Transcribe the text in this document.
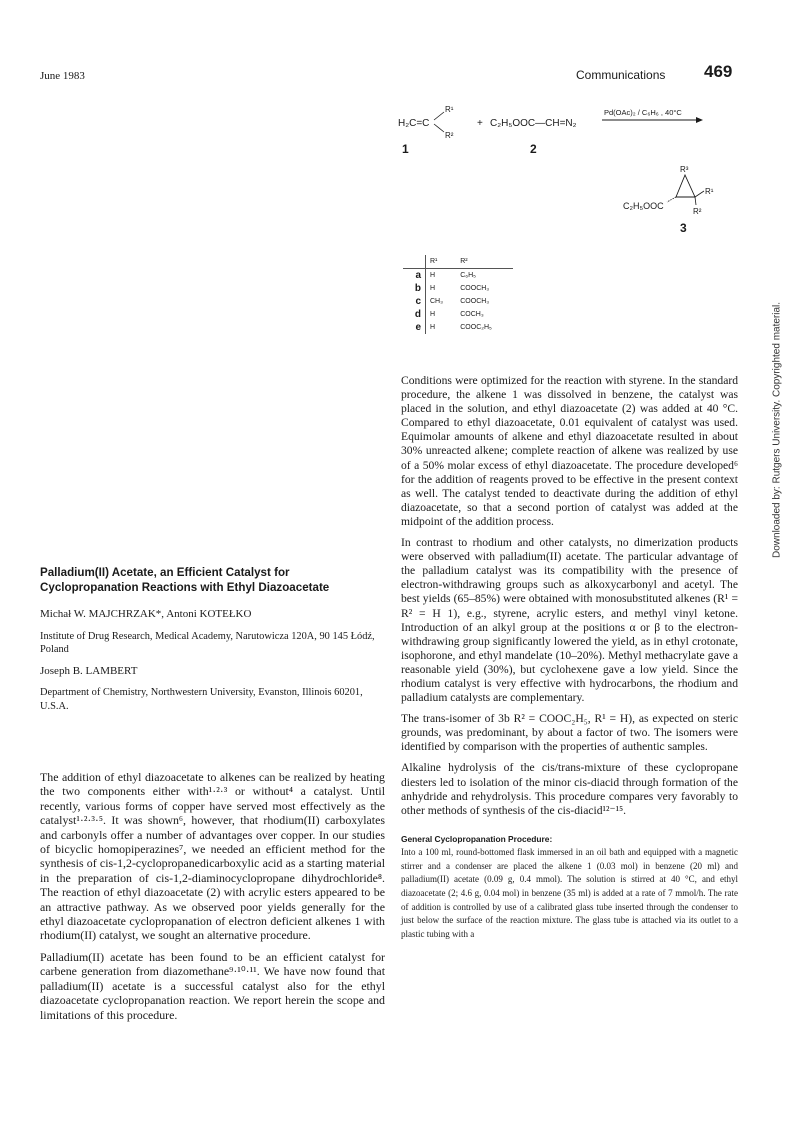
June 1983	Communications 469
Downloaded by: Rutgers University. Copyrighted material.
H₂C=C
R¹
R²
+ C₂H₅OOC—CH=N₂
Pd(OAc)₂ / C₆H₆ , 40°C
1	2
R³
R¹
R²
C₂H₅OOC
3
	R¹	R²
a	H	C₆H₅
b	H	COOCH₃
c	CH₃	COOCH₃
d	H	COCH₃
e	H	COOC₂H₅

Conditions were optimized for the reaction with styrene. In the standard procedure, the alkene 1 was dissolved in benzene, the catalyst was placed in the solution, and ethyl diazoacetate (2) was added at 40 °C. Compared to ethyl diazoacetate, 0.01 equivalent of catalyst was used. Equimolar amounts of alkene and ethyl diazoacetate resulted in about 30% unreacted alkene; complete reaction of alkene was realized by use of a 50% molar excess of ethyl diazoacetate. The procedure developed⁶ for the addition of reagents proved to be effective in the present context as well. The catalyst tended to deactivate during the addition of ethyl diazoacetate, so that a second portion of catalyst was added at the midpoint of the addition process.

In contrast to rhodium and other catalysts, no dimerization products were observed with palladium(II) acetate. The particular advantage of the palladium catalyst was its compatibility with the presence of electron-withdrawing groups such as alkoxycarbonyl and acetyl. The best yields (65–85%) were obtained with monosubstituted alkenes (R¹ = R² = H 1), e.g., styrene, acrylic esters, and methyl vinyl ketone. Introduction of an alkyl group at the positions α or β to the electron-withdrawing group significantly lowered the yield, as in ethyl crotonate, isophorone, and ethyl mandelate (10–20%). Methyl methacrylate gave a reasonable yield (30%), but cyclohexene gave a low yield. Since the rhodium catalyst is very effective with hydrocarbons, the rhodium and palladium catalysts are complementary.

The trans-isomer of 3b R² = COOC₂H₅, R¹ = H), as expected on steric grounds, was predominant, by about a factor of two. The isomers were identified by comparison with the properties of authentic samples.

Alkaline hydrolysis of the cis/trans-mixture of these cyclopropane diesters led to isolation of the minor cis-diacid through formation of the anhydride and rehydrolysis. This procedure compares very favorably to other methods of synthesis of the cis-diacid¹²⁻¹⁵.

General Cyclopropanation Procedure:

Into a 100 ml, round-bottomed flask immersed in an oil bath and equipped with a magnetic stirrer and a condenser are placed the alkene 1 (0.03 mol) in benzene (20 ml) and palladium(II) acetate (0.09 g, 0.4 mmol). The solution is stirred at 40 °C, and ethyl diazoacetate (2; 4.6 g, 0.04 mol) in benzene (35 ml) is added at a rate of 7 mmol/h. The rate of addition is controlled by use of a calibrated glass tube inserted through the condenser to just below the surface of the reaction mixture. The glass tube is attached via its outlet to a plastic tubing with a

Palladium(II) Acetate, an Efficient Catalyst for
Cyclopropanation Reactions with Ethyl Diazoacetate
Michał W. MAJCHRZAK*, Antoni KOTEŁKO
Institute of Drug Research, Medical Academy, Narutowicza 120A, 90 145 Łódź, Poland
Joseph B. LAMBERT
Department of Chemistry, Northwestern University, Evanston, Illinois 60201, U.S.A.

The addition of ethyl diazoacetate to alkenes can be realized by heating the two components either with¹·²·³ or without⁴ a catalyst. Until recently, various forms of copper have served most effectively as the catalyst¹·²·³·⁵. It was shown⁶, however, that rhodium(II) carboxylates and carbonyls offer a number of advantages over copper. In our studies of bicyclic homopiperazines⁷, we needed an efficient method for the synthesis of cis-1,2-cyclopropanedicarboxylic acid as a starting material in the preparation of cis-1,2-diaminocyclopropane dihydrochloride⁸. The reaction of ethyl diazoacetate (2) with acrylic esters appeared to be an attractive pathway. As we observed poor yields generally for the ethyl diazoacetate cyclopropanation of electron deficient alkenes 1 with rhodium(II) catalyst, we sought an alternative procedure.

Palladium(II) acetate has been found to be an efficient catalyst for carbene generation from diazomethane⁹·¹⁰·¹¹. We have now found that palladium(II) acetate is a successful catalyst also for the ethyl diazoacetate cyclopropanation reaction. We report herein the scope and limitations of this procedure.
